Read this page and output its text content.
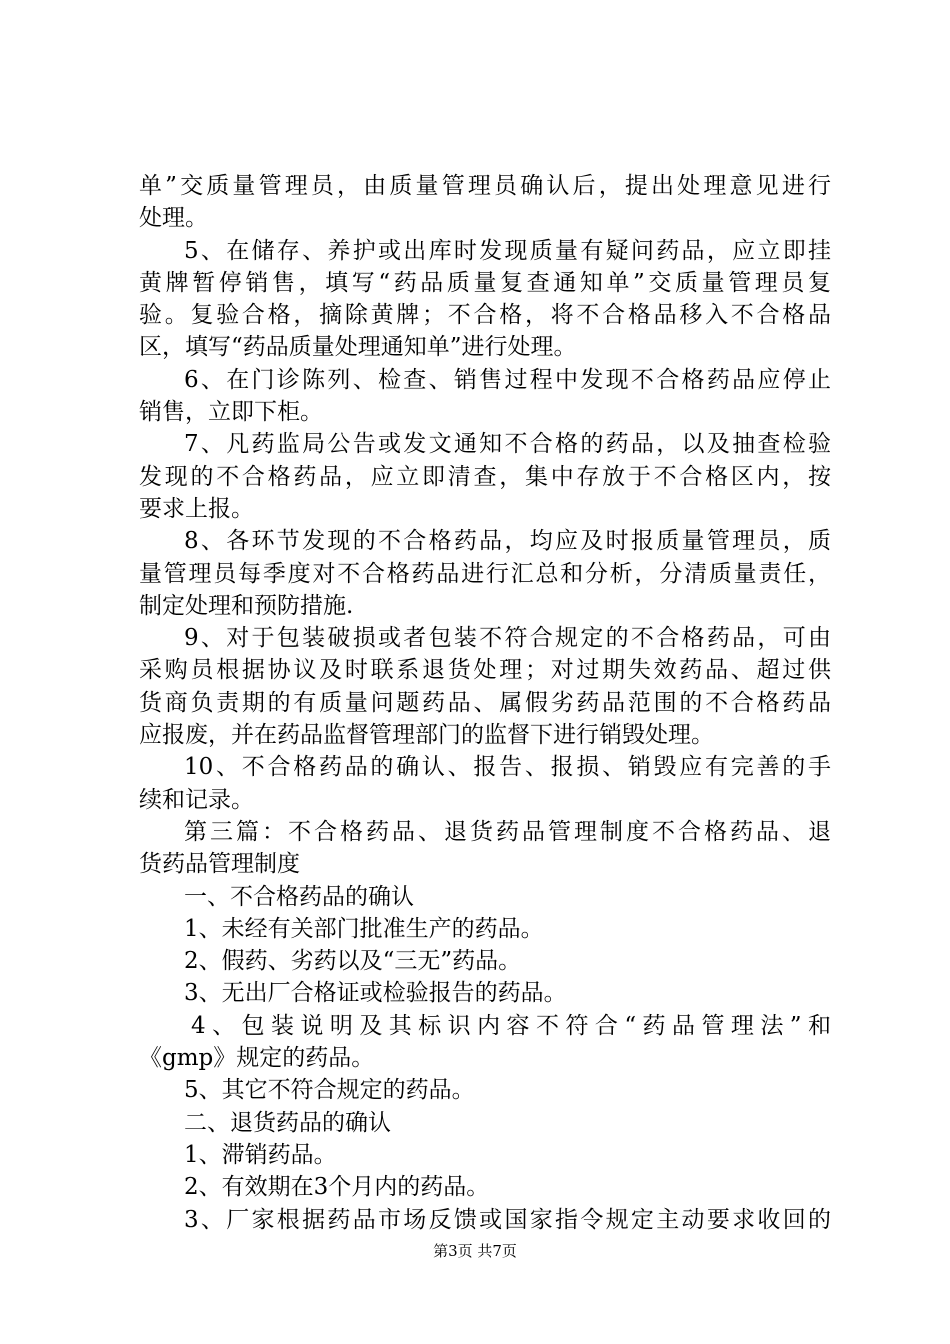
单”交质量管理员，由质量管理员确认后，提出处理意见进行
处理。
5、在储存、养护或出库时发现质量有疑问药品，应立即挂
黄牌暂停销售，填写“药品质量复查通知单”交质量管理员复
验。复验合格，摘除黄牌；不合格，将不合格品移入不合格品
区，填写“药品质量处理通知单”进行处理。
6、在门诊陈列、检查、销售过程中发现不合格药品应停止
销售，立即下柜。
7、凡药监局公告或发文通知不合格的药品，以及抽查检验
发现的不合格药品，应立即清查，集中存放于不合格区内，按
要求上报。
8、各环节发现的不合格药品，均应及时报质量管理员，质
量管理员每季度对不合格药品进行汇总和分析，分清质量责任，
制定处理和预防措施.
9、对于包装破损或者包装不符合规定的不合格药品，可由
采购员根据协议及时联系退货处理；对过期失效药品、超过供
货商负责期的有质量问题药品、属假劣药品范围的不合格药品
应报废，并在药品监督管理部门的监督下进行销毁处理。
10、不合格药品的确认、报告、报损、销毁应有完善的手
续和记录。
第三篇：不合格药品、退货药品管理制度不合格药品、退
货药品管理制度
一、不合格药品的确认
1、未经有关部门批准生产的药品。
2、假药、劣药以及“三无”药品。
3、无出厂合格证或检验报告的药品。
4、包装说明及其标识内容不符合“药品管理法”和
《gmp》规定的药品。
5、其它不符合规定的药品。
二、退货药品的确认
1、滞销药品。
2、有效期在3个月内的药品。
3、厂家根据药品市场反馈或国家指令规定主动要求收回的
第3页 共7页
